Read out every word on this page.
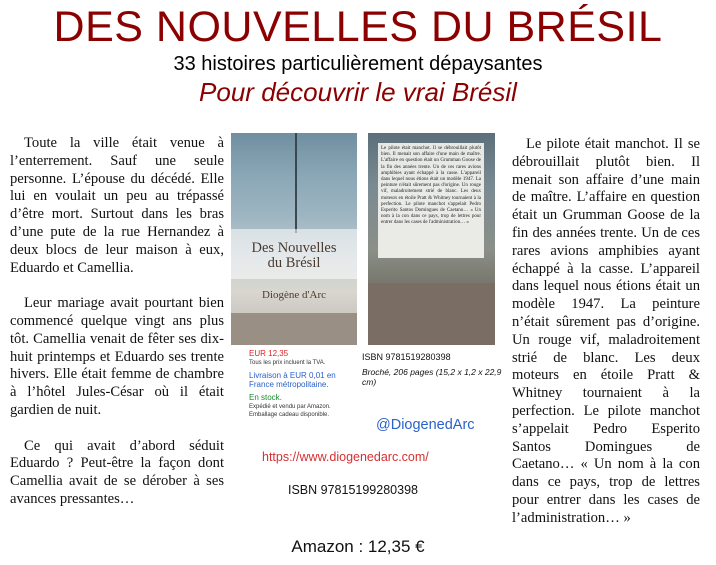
DES NOUVELLES DU BRÉSIL
33 histoires particulièrement dépaysantes
Pour découvrir le vrai Brésil

Toute la ville était venue à l’enterrement. Sauf une seule personne. L’épouse du décédé. Elle lui en voulait un peu au trépassé d’être mort. Surtout dans les bras d’une pute de la rue Hernandez à deux blocs de leur maison à eux, Eduardo et Camellia.

Leur mariage avait pourtant bien commencé quelque vingt ans plus tôt. Camellia venait de fêter ses dix-huit printemps et Eduardo ses trente hivers. Elle était femme de chambre à l’hôtel Jules-César où il était gardien de nuit.

Ce qui avait d’abord séduit Eduardo ? Peut-être la façon dont Camellia avait de se dérober à ses avances pressantes…

Des Nouvelles
du Brésil
Diogène d'Arc
Le pilote était manchot. Il se débrouillait plutôt bien. Il menait son affaire d'une main de maître. L'affaire en question était un Grumman Goose de la fin des années trente. Un de ces rares avions amphibies ayant échappé à la casse. L'appareil dans lequel nous étions était un modèle 1947. La peinture n'était sûrement pas d'origine. Un rouge vif, maladroitement strié de blanc. Les deux moteurs en étoile Pratt & Whitney tournaient à la perfection. Le pilote manchot s'appelait Pedro Esperito Santos Domingues de Caetano… « Un nom à la con dans ce pays, trop de lettres pour entrer dans les cases de l'administration… »
EUR 12,35
Tous les prix incluent la TVA.
Livraison à EUR 0,01 en France métropolitaine.
En stock.
Expédié et vendu par Amazon. Emballage cadeau disponible.
ISBN 9781519280398
Broché, 206 pages (15,2 x 1,2 x 22,9 cm)
@DiogenedArc
https://www.diogenedarc.com/
ISBN 97815199280398

Le pilote était manchot. Il se débrouillait plutôt bien. Il menait son affaire d’une main de maître. L’affaire en question était un Grumman Goose de la fin des années trente. Un de ces rares avions amphibies ayant échappé à la casse. L’appareil dans lequel nous étions était un modèle 1947. La peinture n’était sûrement pas d’origine. Un rouge vif, maladroitement strié de blanc. Les deux moteurs en étoile Pratt & Whitney tournaient à la perfection. Le pilote manchot s’appelait Pedro Esperito Santos Domingues de Caetano… « Un nom à la con dans ce pays, trop de lettres pour entrer dans les cases de l’administration… »

Amazon : 12,35 €
